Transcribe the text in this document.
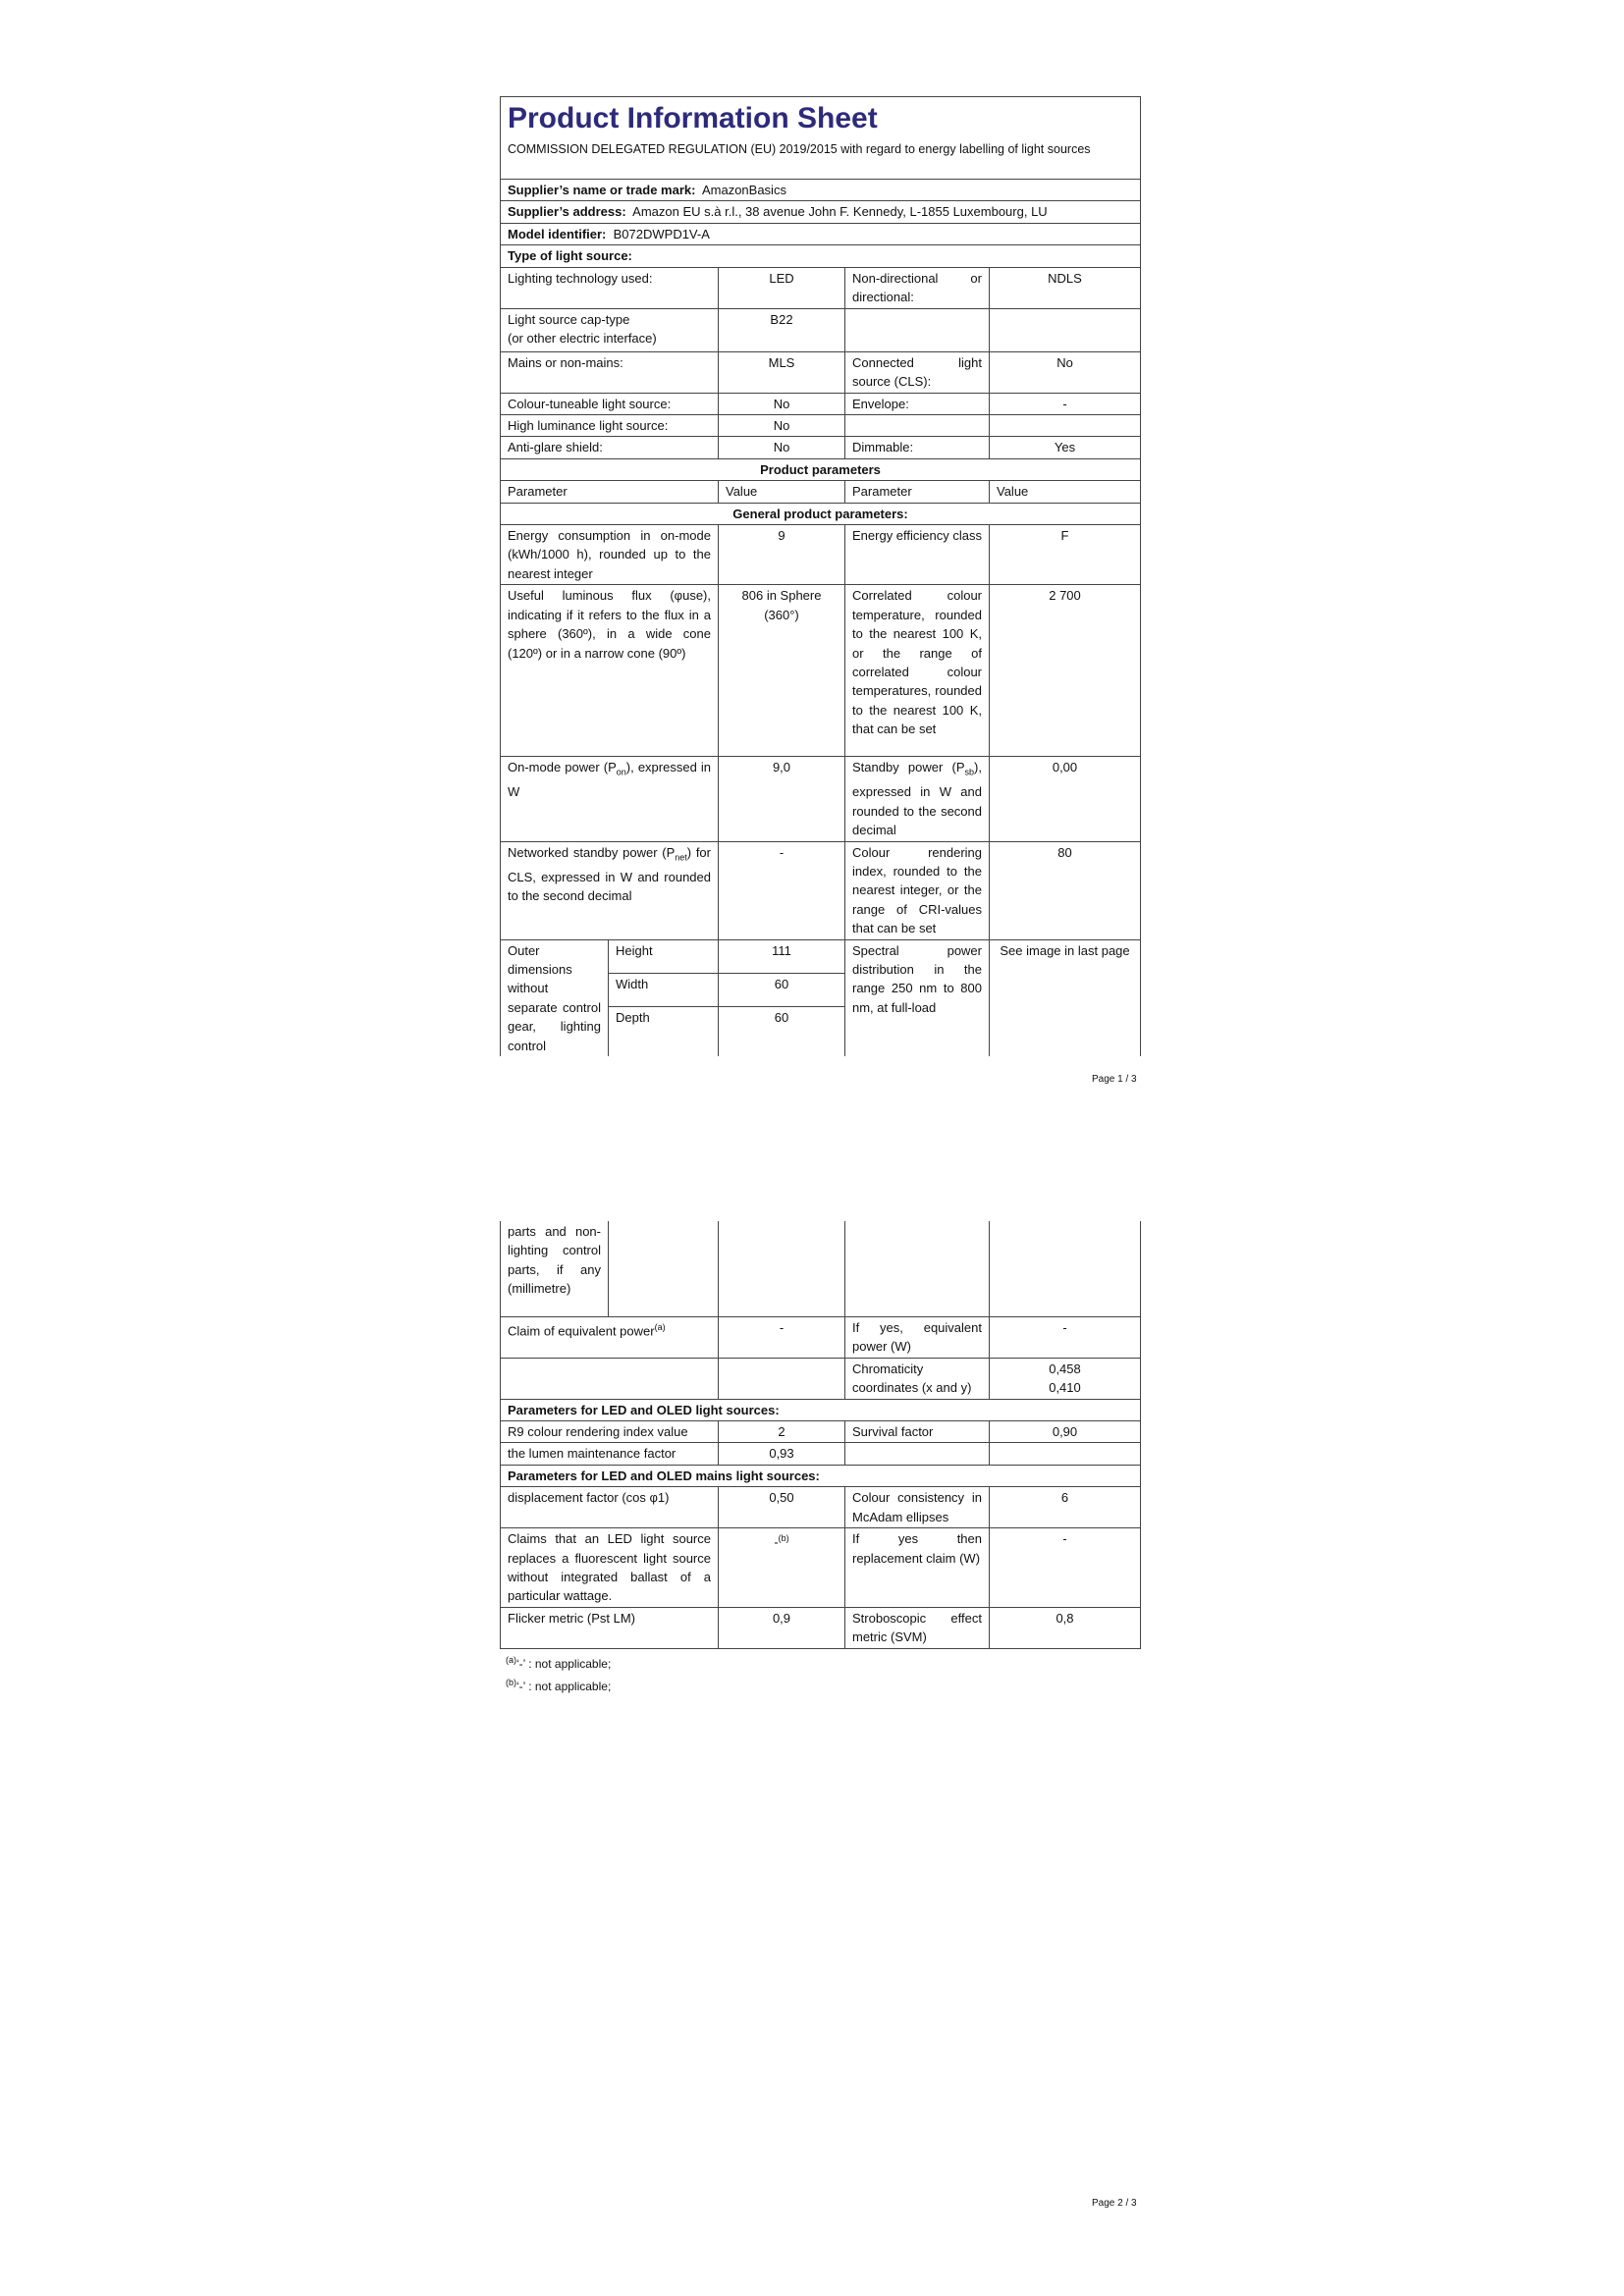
Product Information Sheet				

COMMISSION DELEGATED REGULATION (EU) 2019/2015 with regard to energy labelling of light sources				

Supplier’s name or trade mark: AmazonBasics				
Supplier’s address: Amazon EU s.à r.l., 38 avenue John F. Kennedy, L-1855 Luxembourg, LU				
Model identifier: B072DWPD1V-A				
Type of light source:				
Lighting technology used:		LED	Non-directional or directional:	NDLS

Light source cap-type
(or other electric interface)		B22		
Mains or non-mains:		MLS	Connected light source (CLS):	No
Colour-tuneable light source:		No	Envelope:	-
High luminance light source:		No		
Anti-glare shield:		No	Dimmable:	Yes
Product parameters				
Parameter		Value	Parameter	Value
General product parameters:				
Energy consumption in on-mode (kWh/1000 h), rounded up to the nearest integer		9	Energy efficiency class	F
Useful luminous flux (φuse), indicating if it refers to the flux in a sphere (360º), in a wide cone (120º) or in a narrow cone (90º)		806 in Sphere (360°)	Correlated colour temperature, rounded to the nearest 100 K, or the range of correlated colour temperatures, rounded to the nearest 100 K, that can be set	2 700
On-mode power $(P_{on})$, expressed in W		9,0	Standby power $(P_{sb})$, expressed in W and rounded to the second decimal	0,00
Networked standby power $(P_{net})$ for CLS, expressed in W and rounded to the second decimal		-	Colour rendering index, rounded to the nearest integer, or the range of CRI-values that can be set	80
Outer dimensions without separate control gear, lighting control	Height	111	Spectral power distribution in the range 250 nm to 800 nm, at full-load	See image in last page
	Width	60		
	Depth	60		
Page 1 / 3
parts and non-lighting control parts, if any (millimetre)				
Claim of equivalent power$^{(a)}$		-	If yes, equivalent power (W)	-
			Chromaticity coordinates (x and y)	0,458
0,410

Parameters for LED and OLED light sources:				
R9 colour rendering index value		2	Survival factor	0,90
the lumen maintenance factor		0,93		
Parameters for LED and OLED mains light sources:				
displacement factor (cos φ1)		0,50	Colour consistency in McAdam ellipses	6
Claims that an LED light source replaces a fluorescent light source without integrated ballast of a particular wattage.		-$^{(b)}$	If yes then replacement claim (W)	-
Flicker metric (Pst LM)		0,9	Stroboscopic effect metric (SVM)	0,8
$^{(a)}$‘-’ : not applicable;
$^{(b)}$‘-’ : not applicable;
Page 2 / 3
